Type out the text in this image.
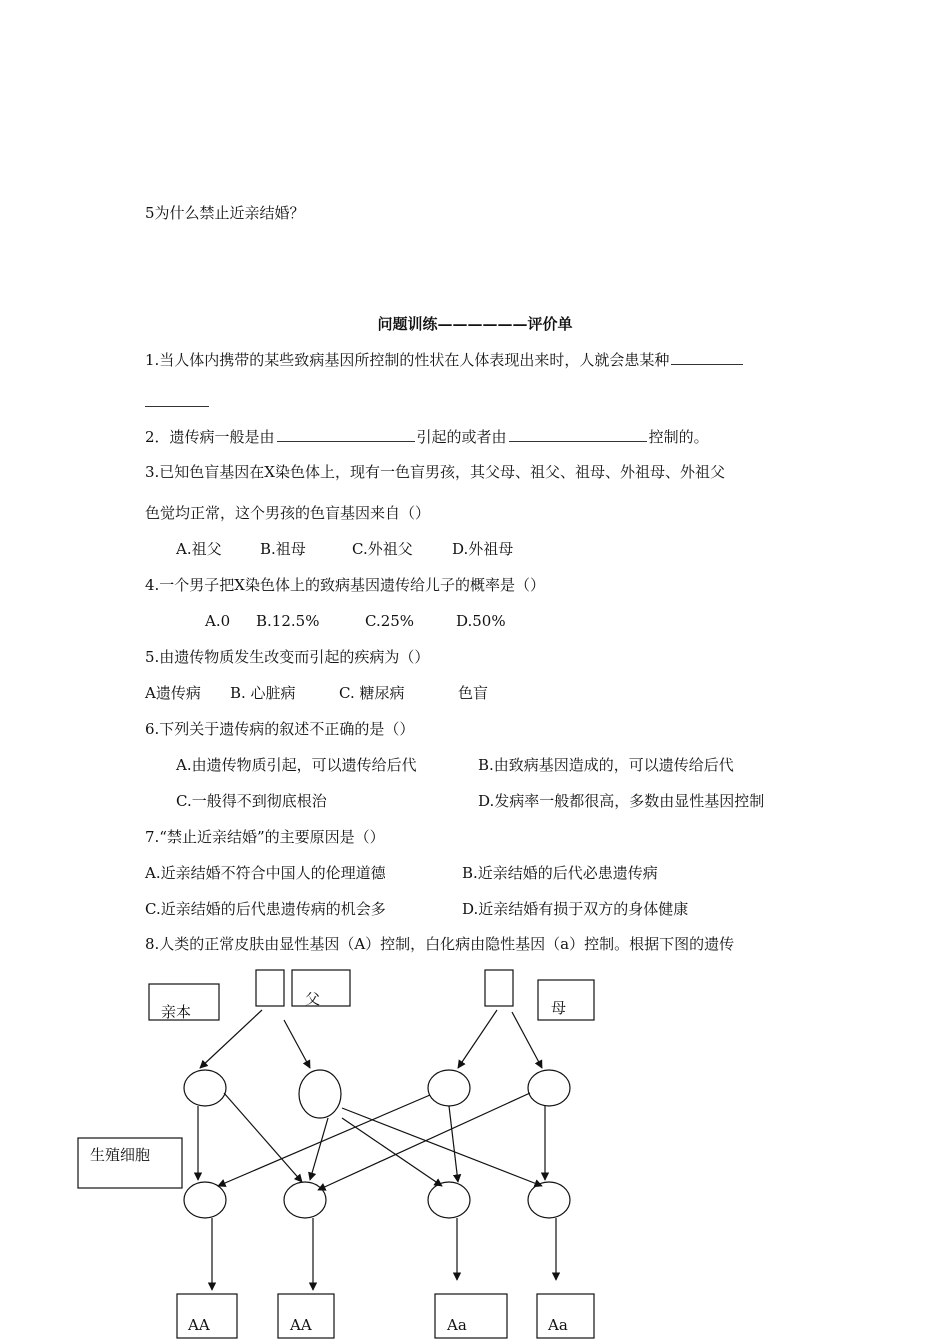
5为什么禁止近亲结婚？
问题训练——————评价单
1.当人体内携带的某些致病基因所控制的性状在人体表现出来时，人就会患某种
2．遗传病一般是由	引起的或者由	控制的。
3.已知色盲基因在X染色体上，现有一色盲男孩，其父母、祖父、祖母、外祖母、外祖父
色觉均正常，这个男孩的色盲基因来自（）
A.祖父	B.祖母	C.外祖父	D.外祖母
4.一个男子把X染色体上的致病基因遗传给儿子的概率是（）
A.0 B.12.5%	C.25%	D.50%
5.由遗传物质发生改变而引起的疾病为（）
A遗传病 B. 心脏病	C. 糖尿病	色盲
6.下列关于遗传病的叙述不正确的是（）
A.由遗传物质引起，可以遗传给后代	B.由致病基因造成的，可以遗传给后代
C.一般得不到彻底根治	D.发病率一般都很高，多数由显性基因控制
7.“禁止近亲结婚”的主要原因是（）
A.近亲结婚不符合中国人的伦理道德	B.近亲结婚的后代必患遗传病
C.近亲结婚的后代患遗传病的机会多	D.近亲结婚有损于双方的身体健康
8.人类的正常皮肤由显性基因（A）控制，白化病由隐性基因（a）控制。根据下图的遗传
亲本
父	母
生殖细胞
AA	AA	Aa	Aa
